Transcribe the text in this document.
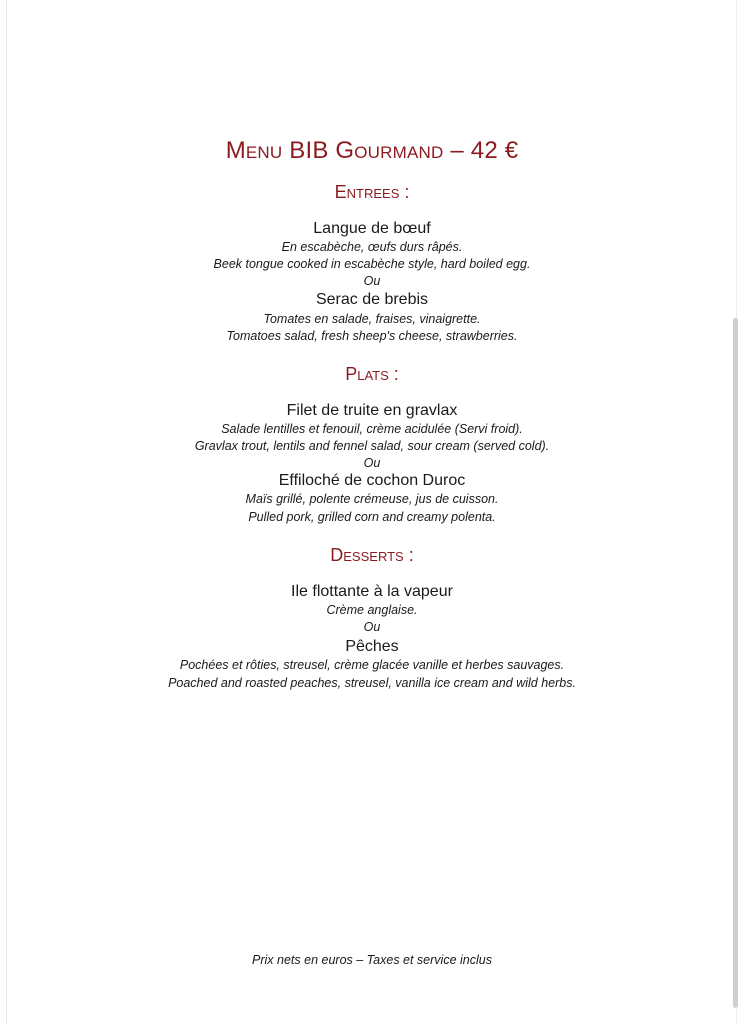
Menu BIB Gourmand – 42 €
Entrees :
Langue de bœuf
En escabèche, œufs durs râpés.
Beek tongue cooked in escabèche style, hard boiled egg.
Ou
Serac de brebis
Tomates en salade, fraises, vinaigrette.
Tomatoes salad, fresh sheep's cheese, strawberries.
Plats :
Filet de truite en gravlax
Salade lentilles et fenouil, crème acidulée (Servi froid).
Gravlax trout, lentils and fennel salad, sour cream (served cold).
Ou
Effiloché de cochon Duroc
Maïs grillé, polente crémeuse, jus de cuisson.
Pulled pork, grilled corn and creamy polenta.
Desserts :
Ile flottante à la vapeur
Crème anglaise.
Ou
Pêches
Pochées et rôties, streusel, crème glacée vanille et herbes sauvages.
Poached and roasted peaches, streusel, vanilla ice cream and wild herbs.
Prix nets en euros – Taxes et service inclus
